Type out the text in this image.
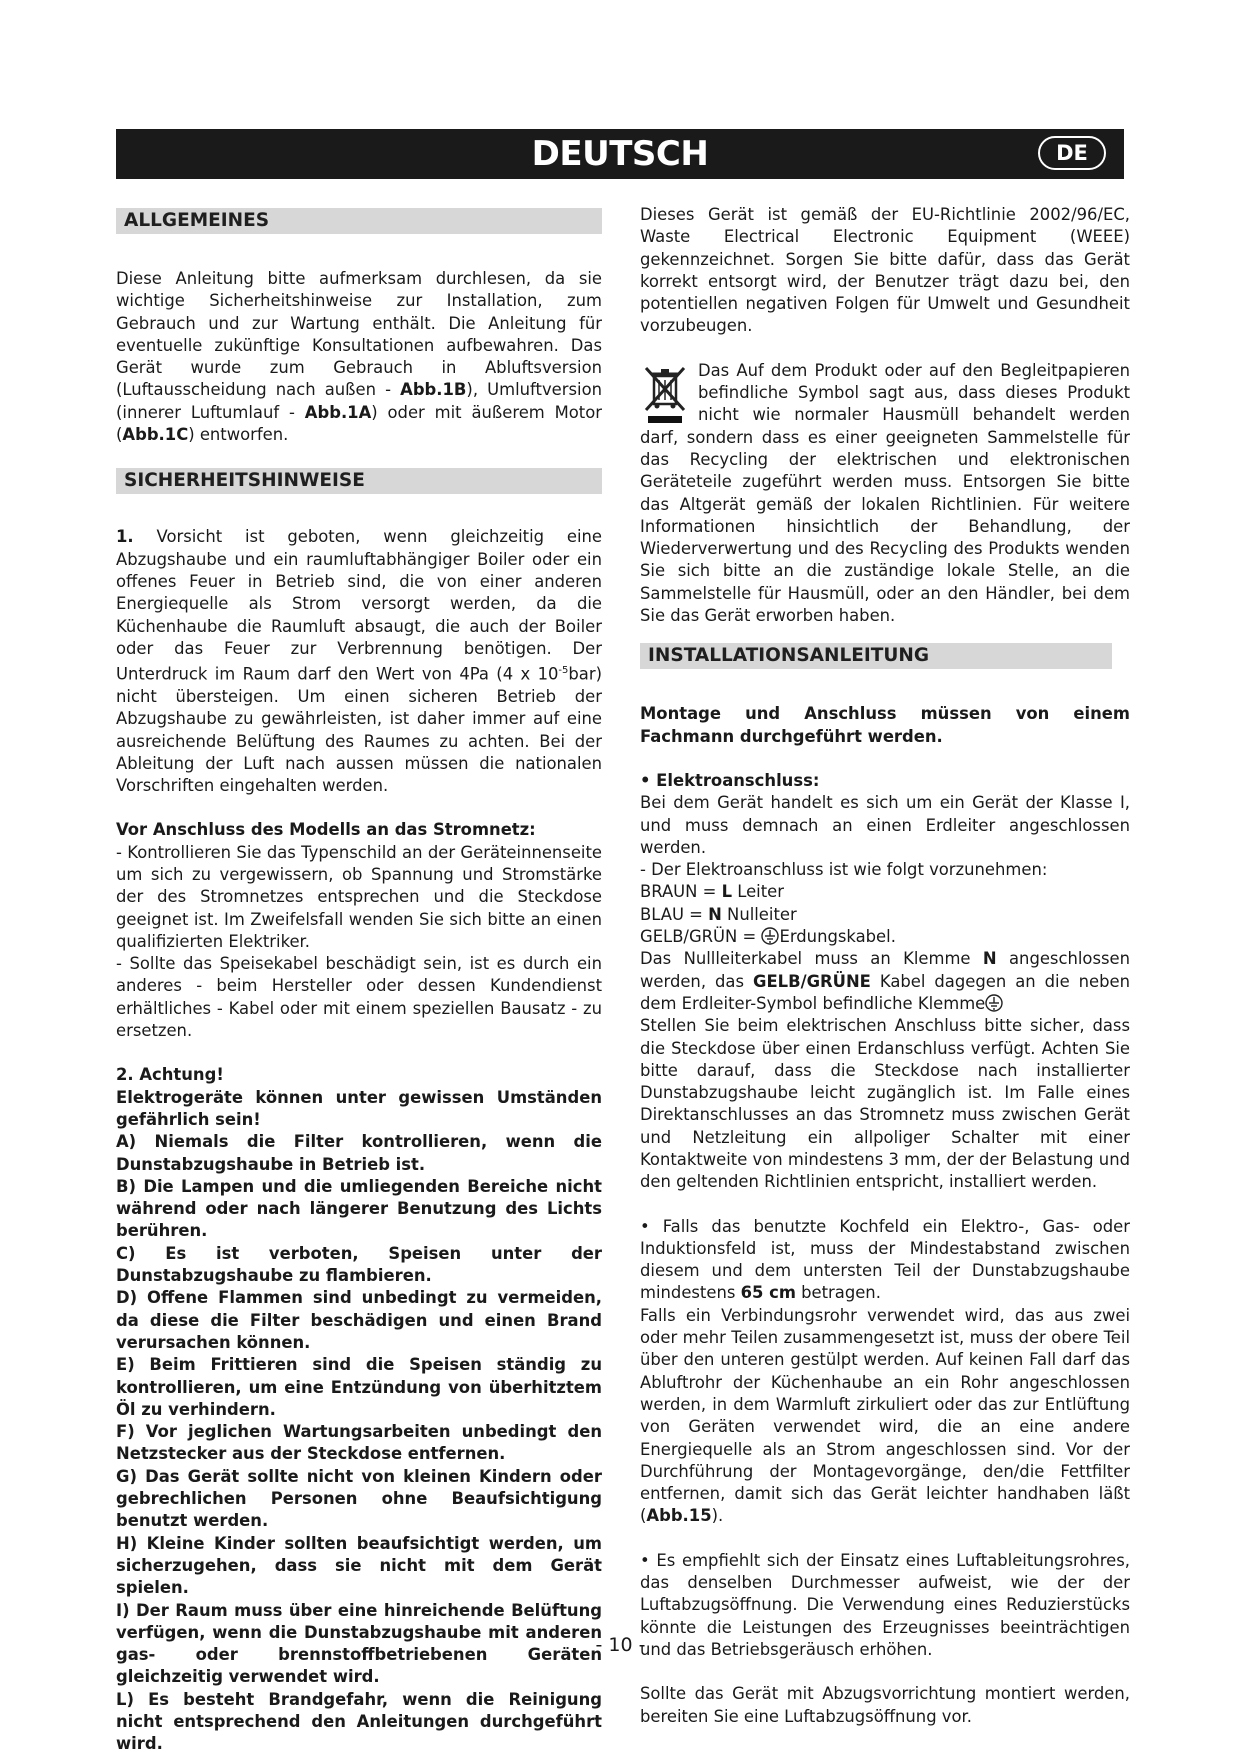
DEUTSCH	DE
ALLGEMEINES

Diese Anleitung bitte aufmerksam durchlesen, da sie wichtige Sicherheitshinweise zur Installation, zum Gebrauch und zur Wartung enthält. Die Anleitung für eventuelle zukünftige Konsultationen aufbewahren. Das Gerät wurde zum Gebrauch in Abluftsversion (Luftausscheidung nach außen - Abb.1B), Umluftversion (innerer Luftumlauf - Abb.1A) oder mit äußerem Motor (Abb.1C) entworfen.

SICHERHEITSHINWEISE

1. Vorsicht ist geboten, wenn gleichzeitig eine Abzugshaube und ein raumluftabhängiger Boiler oder ein offenes Feuer in Betrieb sind, die von einer anderen Energiequelle als Strom versorgt werden, da die Küchenhaube die Raumluft absaugt, die auch der Boiler oder das Feuer zur Verbrennung benötigen. Der Unterdruck im Raum darf den Wert von 4Pa (4 x $10^{-5}bar$) nicht übersteigen. Um einen sicheren Betrieb der Abzugshaube zu gewährleisten, ist daher immer auf eine ausreichende Belüftung des Raumes zu achten. Bei der Ableitung der Luft nach aussen müssen die nationalen Vorschriften eingehalten werden.

Vor Anschluss des Modells an das Stromnetz:

- Kontrollieren Sie das Typenschild an der Geräteinnenseite um sich zu vergewissern, ob Spannung und Stromstärke der des Stromnetzes entsprechen und die Steckdose geeignet ist. Im Zweifelsfall wenden Sie sich bitte an einen qualifizierten Elektriker.

- Sollte das Speisekabel beschädigt sein, ist es durch ein anderes - beim Hersteller oder dessen Kundendienst erhältliches - Kabel oder mit einem speziellen Bausatz - zu ersetzen.

2. Achtung!

Elektrogeräte können unter gewissen Umständen gefährlich sein!

A) Niemals die Filter kontrollieren, wenn die Dunstabzugshaube in Betrieb ist.

B) Die Lampen und die umliegenden Bereiche nicht während oder nach längerer Benutzung des Lichts berühren.

C) Es ist verboten, Speisen unter der Dunstabzugshaube zu flambieren.

D) Offene Flammen sind unbedingt zu vermeiden, da diese die Filter beschädigen und einen Brand verursachen können.

E) Beim Frittieren sind die Speisen ständig zu kontrollieren, um eine Entzündung von überhitztem Öl zu verhindern.

F) Vor jeglichen Wartungsarbeiten unbedingt den Netzstecker aus der Steckdose entfernen.

G) Das Gerät sollte nicht von kleinen Kindern oder gebrechlichen Personen ohne Beaufsichtigung benutzt werden.

H) Kleine Kinder sollten beaufsichtigt werden, um sicherzugehen, dass sie nicht mit dem Gerät spielen.

I) Der Raum muss über eine hinreichende Belüftung verfügen, wenn die Dunstabzugshaube mit anderen gas- oder brennstoffbetriebenen Geräten gleichzeitig verwendet wird.

L) Es besteht Brandgefahr, wenn die Reinigung nicht entsprechend den Anleitungen durchgeführt wird.

Dieses Gerät ist gemäß der EU-Richtlinie 2002/96/EC, Waste Electrical Electronic Equipment (WEEE) gekennzeichnet. Sorgen Sie bitte dafür, dass das Gerät korrekt entsorgt wird, der Benutzer trägt dazu bei, den potentiellen negativen Folgen für Umwelt und Gesundheit vorzubeugen.

Das Auf dem Produkt oder auf den Begleitpapieren befindliche Symbol sagt aus, dass dieses Produkt nicht wie normaler Hausmüll behandelt werden darf, sondern dass es einer geeigneten Sammelstelle für das Recycling der elektrischen und elektronischen Geräteteile zugeführt werden muss. Entsorgen Sie bitte das Altgerät gemäß der lokalen Richtlinien. Für weitere Informationen hinsichtlich der Behandlung, der Wiederverwertung und des Recycling des Produkts wenden Sie sich bitte an die zuständige lokale Stelle, an die Sammelstelle für Hausmüll, oder an den Händler, bei dem Sie das Gerät erworben haben.

INSTALLATIONSANLEITUNG

Montage und Anschluss müssen von einem Fachmann durchgeführt werden.

• Elektroanschluss:

Bei dem Gerät handelt es sich um ein Gerät der Klasse I, und muss demnach an einen Erdleiter angeschlossen werden.

- Der Elektroanschluss ist wie folgt vorzunehmen:

BRAUN = L Leiter

BLAU = N Nulleiter

GELB/GRÜN = Erdungskabel.

Das Nullleiterkabel muss an Klemme N angeschlossen werden, das GELB/GRÜNE Kabel dagegen an die neben dem Erdleiter-Symbol befindliche Klemme

Stellen Sie beim elektrischen Anschluss bitte sicher, dass die Steckdose über einen Erdanschluss verfügt. Achten Sie bitte darauf, dass die Steckdose nach installierter Dunstabzugshaube leicht zugänglich ist. Im Falle eines Direktanschlusses an das Stromnetz muss zwischen Gerät und Netzleitung ein allpoliger Schalter mit einer Kontaktweite von mindestens 3 mm, der der Belastung und den geltenden Richtlinien entspricht, installiert werden.

• Falls das benutzte Kochfeld ein Elektro-, Gas- oder Induktionsfeld ist, muss der Mindestabstand zwischen diesem und dem untersten Teil der Dunstabzugshaube mindestens 65 cm betragen.

Falls ein Verbindungsrohr verwendet wird, das aus zwei oder mehr Teilen zusammengesetzt ist, muss der obere Teil über den unteren gestülpt werden. Auf keinen Fall darf das Abluftrohr der Küchenhaube an ein Rohr angeschlossen werden, in dem Warmluft zirkuliert oder das zur Entlüftung von Geräten verwendet wird, die an eine andere Energiequelle als an Strom angeschlossen sind. Vor der Durchführung der Montagevorgänge, den/die Fettfilter entfernen, damit sich das Gerät leichter handhaben läßt (Abb.15).

• Es empfiehlt sich der Einsatz eines Luftableitungsrohres, das denselben Durchmesser aufweist, wie der der Luftabzugsöffnung. Die Verwendung eines Reduzierstücks könnte die Leistungen des Erzeugnisses beeinträchtigen und das Betriebsgeräusch erhöhen.

Sollte das Gerät mit Abzugsvorrichtung montiert werden, bereiten Sie eine Luftabzugsöffnung vor.

- 10 -
